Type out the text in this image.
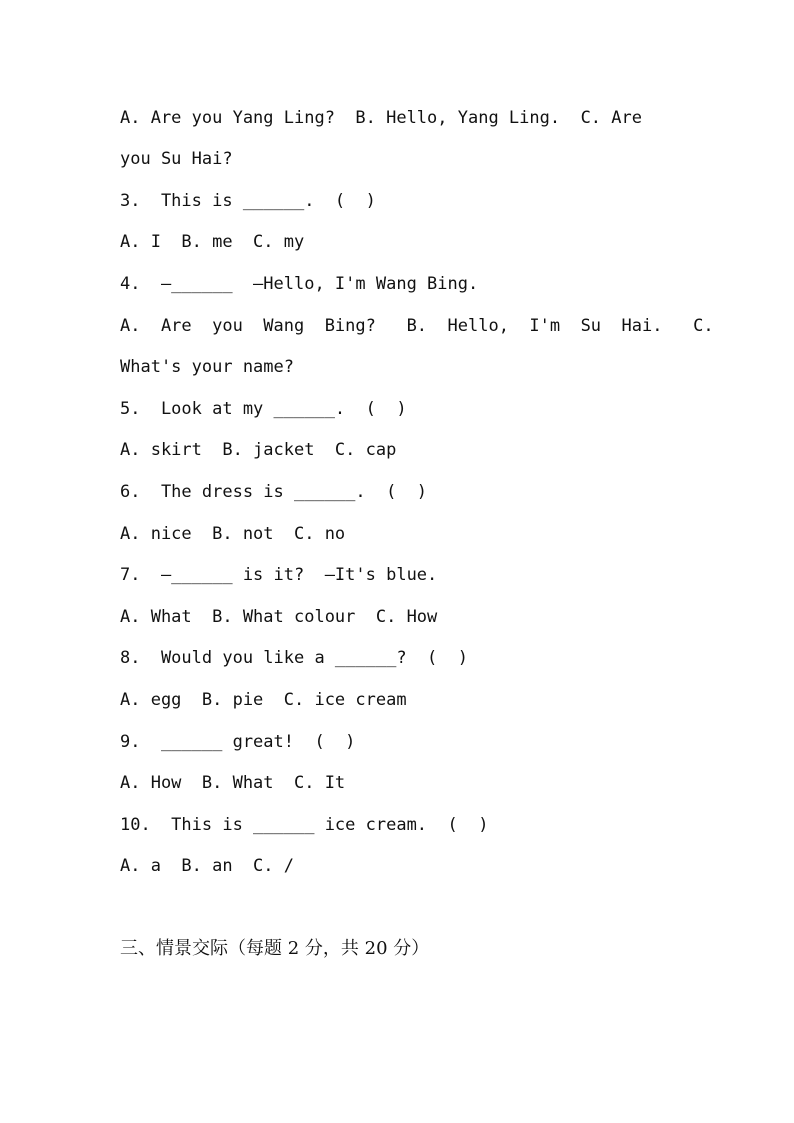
A. Are you Yang Ling?  B. Hello, Yang Ling.  C. Are
you Su Hai?
3.  This is ______.  (  )
A. I  B. me  C. my
4.  —______  —Hello, I'm Wang Bing.
A.  Are  you  Wang  Bing?   B.  Hello,  I'm  Su  Hai.   C.
What's your name?
5.  Look at my ______.  (  )
A. skirt  B. jacket  C. cap
6.  The dress is ______.  (  )
A. nice  B. not  C. no
7.  —______ is it?  —It's blue.
A. What  B. What colour  C. How
8.  Would you like a ______?  (  )
A. egg  B. pie  C. ice cream
9.  ______ great!  (  )
A. How  B. What  C. It
10.  This is ______ ice cream.  (  )
A. a  B. an  C. /
三、情景交际（每题 2 分，共 20 分）
